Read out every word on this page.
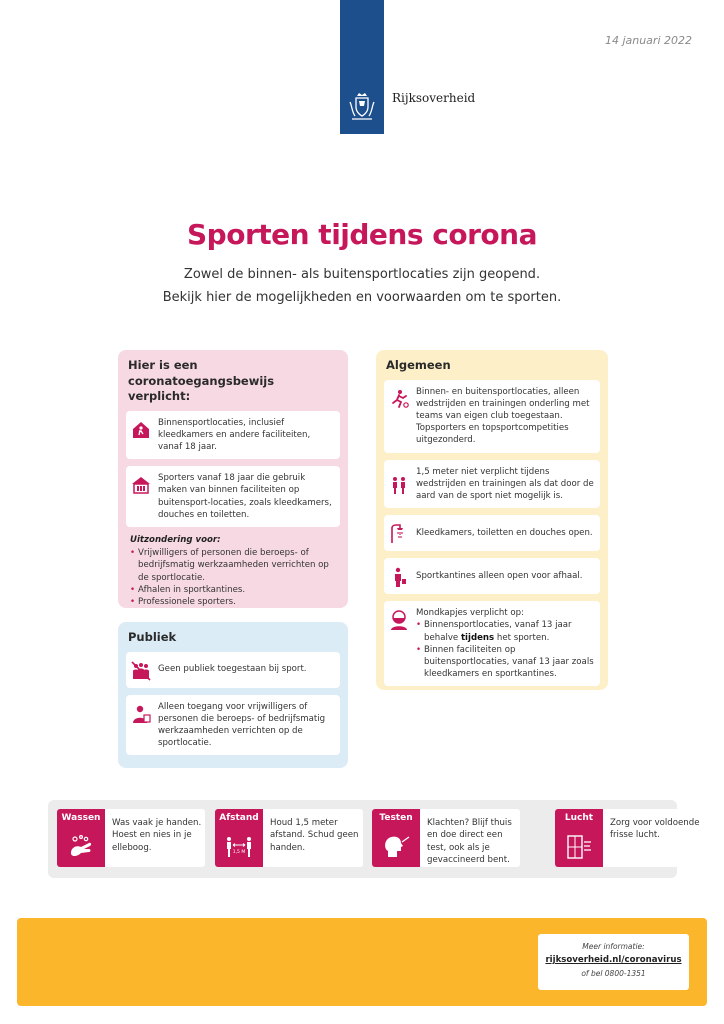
14 januari 2022
Rijksoverheid
Sporten tijdens corona

Zowel de binnen- als buitensportlocaties zijn geopend.

Bekijk hier de mogelijkheden en voorwaarden om te sporten.

Hier is een coronatoegangsbewijs verplicht:
Binnensportlocaties, inclusief kleedkamers en andere faciliteiten, vanaf 18 jaar.
Sporters vanaf 18 jaar die gebruik maken van binnen faciliteiten op buitensport-locaties, zoals kleedkamers, douches en toiletten.
Uitzondering voor:
• Vrijwilligers of personen die beroeps- of bedrijfsmatig werkzaamheden verrichten op de sportlocatie.
• Afhalen in sportkantines.
• Professionele sporters.
Publiek
Geen publiek toegestaan bij sport.
Alleen toegang voor vrijwilligers of personen die beroeps- of bedrijfsmatig werkzaamheden verrichten op de sportlocatie.
Algemeen
Binnen- en buitensportlocaties, alleen wedstrijden en trainingen onderling met teams van eigen club toegestaan. Topsporters en topsportcompetities uitgezonderd.
1,5 meter niet verplicht tijdens wedstrijden en trainingen als dat door de aard van de sport niet mogelijk is.
Kleedkamers, toiletten en douches open.
Sportkantines alleen open voor afhaal.
Mondkapjes verplicht op:
• Binnensportlocaties, vanaf 13 jaar behalve tijdens het sporten.
• Binnen faciliteiten op buitensportlocaties, vanaf 13 jaar zoals kleedkamers en sportkantines.
Wassen	Was vaak je handen. Hoest en nies in je elleboog.
Afstand
1,5 M
Houd 1,5 meter afstand. Schud geen handen.
Testen	Klachten? Blijf thuis en doe direct een test, ook als je gevaccineerd bent.
Lucht	Zorg voor voldoende frisse lucht.
Meer informatie:
rijksoverheid.nl/coronavirus
of bel 0800-1351
